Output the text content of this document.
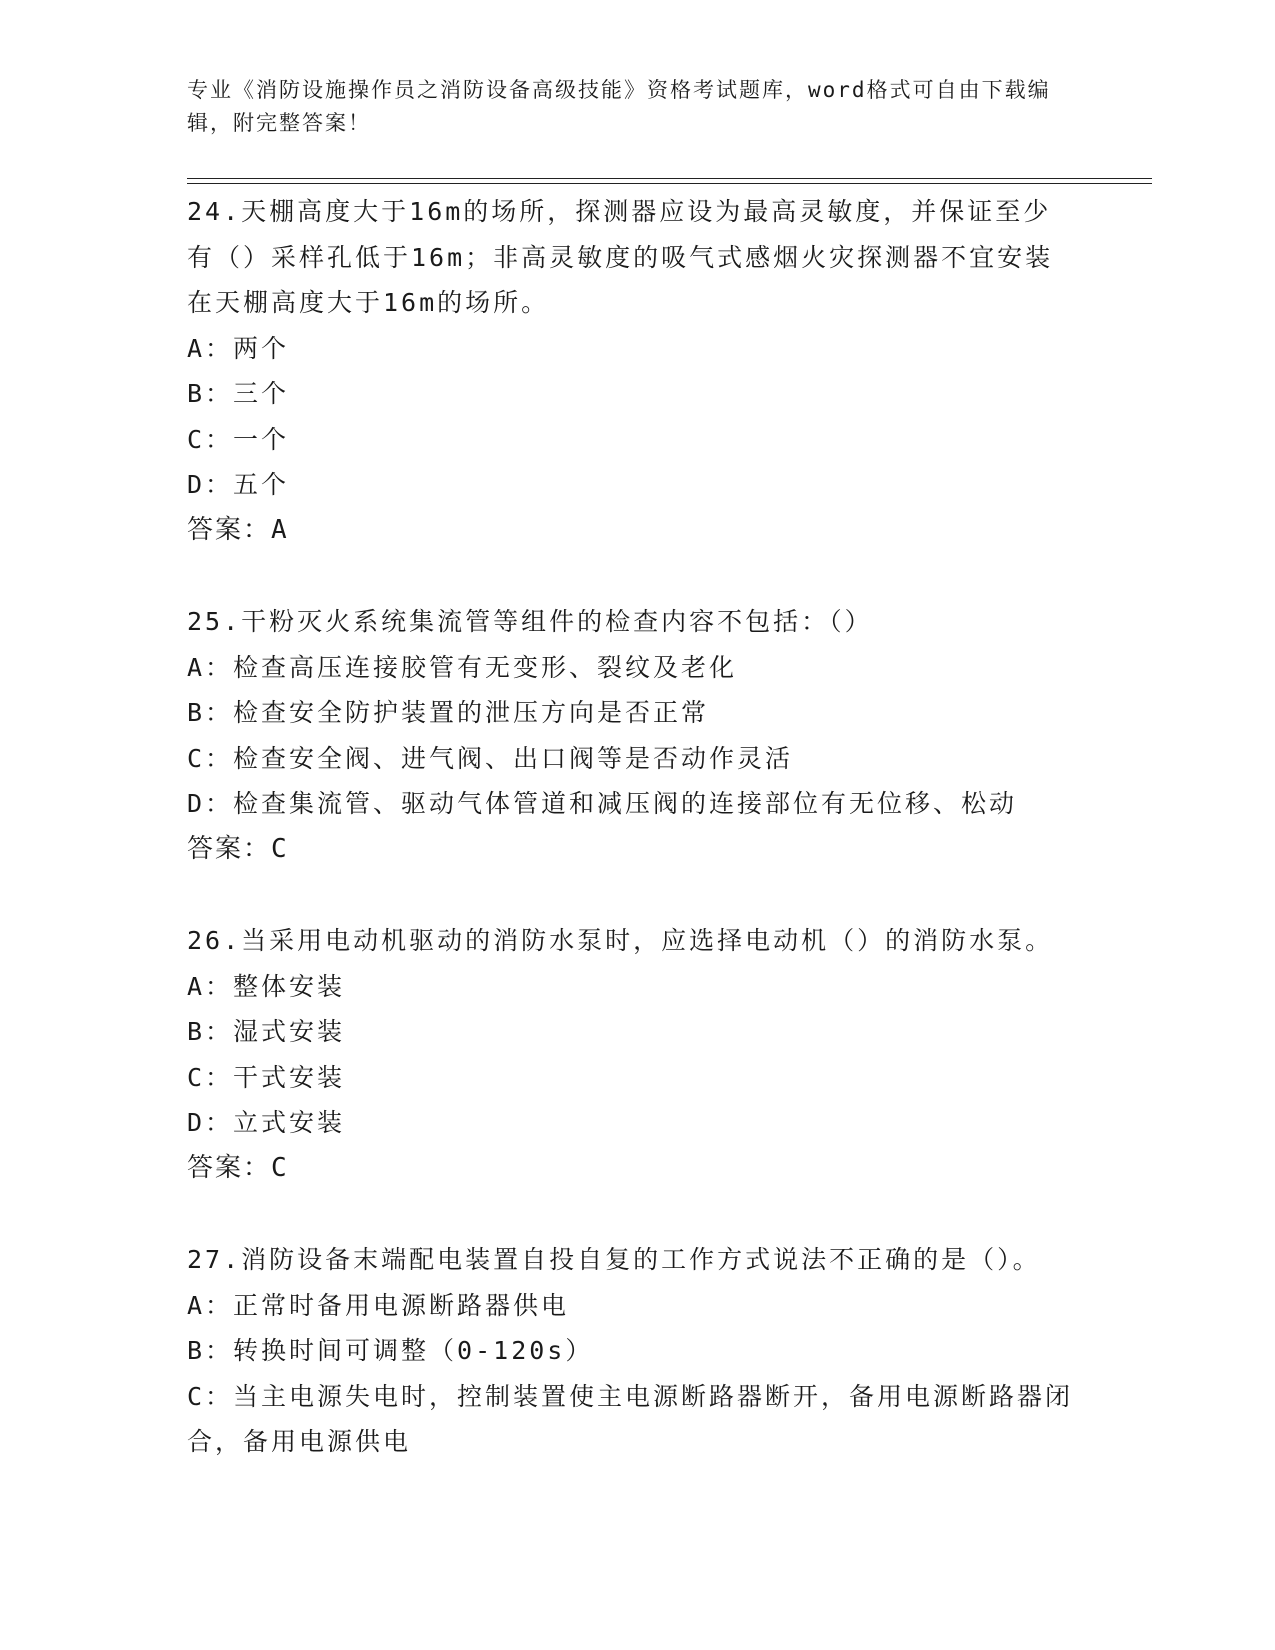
专业《消防设施操作员之消防设备高级技能》资格考试题库，word格式可自由下载编辑，附完整答案！
24.天棚高度大于16m的场所，探测器应设为最高灵敏度，并保证至少有（）采样孔低于16m；非高灵敏度的吸气式感烟火灾探测器不宜安装在天棚高度大于16m的场所。
A：两个
B：三个
C：一个
D：五个
答案：A
25.干粉灭火系统集流管等组件的检查内容不包括：（）
A：检查高压连接胶管有无变形、裂纹及老化
B：检查安全防护装置的泄压方向是否正常
C：检查安全阀、进气阀、出口阀等是否动作灵活
D：检查集流管、驱动气体管道和减压阀的连接部位有无位移、松动
答案：C
26.当采用电动机驱动的消防水泵时，应选择电动机（）的消防水泵。
A：整体安装
B：湿式安装
C：干式安装
D：立式安装
答案：C
27.消防设备末端配电装置自投自复的工作方式说法不正确的是（）。
A：正常时备用电源断路器供电
B：转换时间可调整（0-120s）
C：当主电源失电时，控制装置使主电源断路器断开，备用电源断路器闭合，备用电源供电
